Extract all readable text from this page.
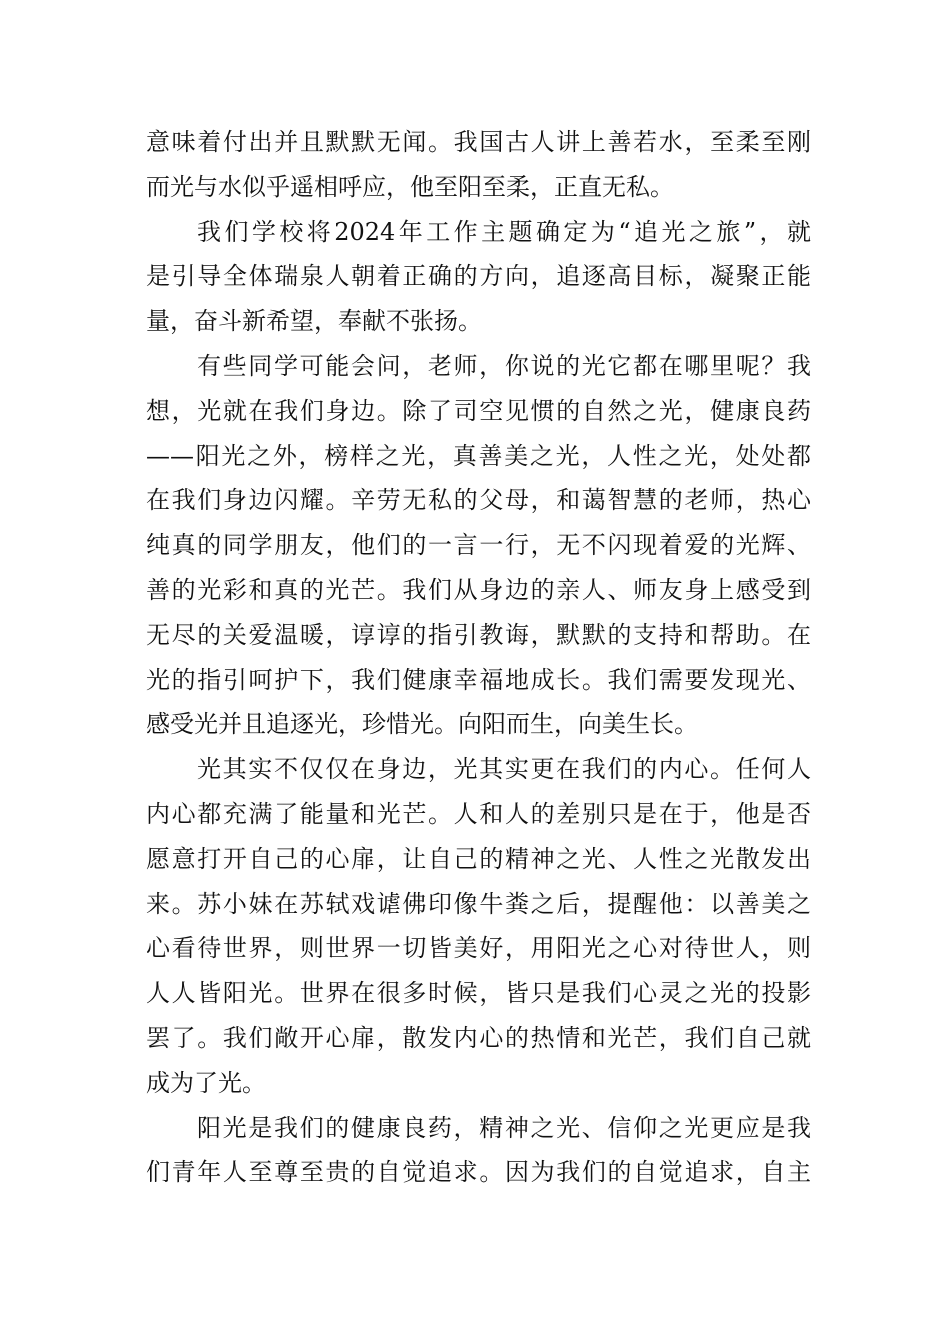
意味着付出并且默默无闻。我国古人讲上善若水，至柔至刚
而光与水似乎遥相呼应，他至阳至柔，正直无私。
我们学校将2024年工作主题确定为“追光之旅”，就
是引导全体瑞泉人朝着正确的方向，追逐高目标，凝聚正能
量，奋斗新希望，奉献不张扬。
有些同学可能会问，老师，你说的光它都在哪里呢？我
想，光就在我们身边。除了司空见惯的自然之光，健康良药
——阳光之外，榜样之光，真善美之光，人性之光，处处都
在我们身边闪耀。辛劳无私的父母，和蔼智慧的老师，热心
纯真的同学朋友，他们的一言一行，无不闪现着爱的光辉、
善的光彩和真的光芒。我们从身边的亲人、师友身上感受到
无尽的关爱温暖，谆谆的指引教诲，默默的支持和帮助。在
光的指引呵护下，我们健康幸福地成长。我们需要发现光、
感受光并且追逐光，珍惜光。向阳而生，向美生长。
光其实不仅仅在身边，光其实更在我们的内心。任何人
内心都充满了能量和光芒。人和人的差别只是在于，他是否
愿意打开自己的心扉，让自己的精神之光、人性之光散发出
来。苏小妹在苏轼戏谑佛印像牛粪之后，提醒他：以善美之
心看待世界，则世界一切皆美好，用阳光之心对待世人，则
人人皆阳光。世界在很多时候，皆只是我们心灵之光的投影
罢了。我们敞开心扉，散发内心的热情和光芒，我们自己就
成为了光。
阳光是我们的健康良药，精神之光、信仰之光更应是我
们青年人至尊至贵的自觉追求。因为我们的自觉追求，自主
